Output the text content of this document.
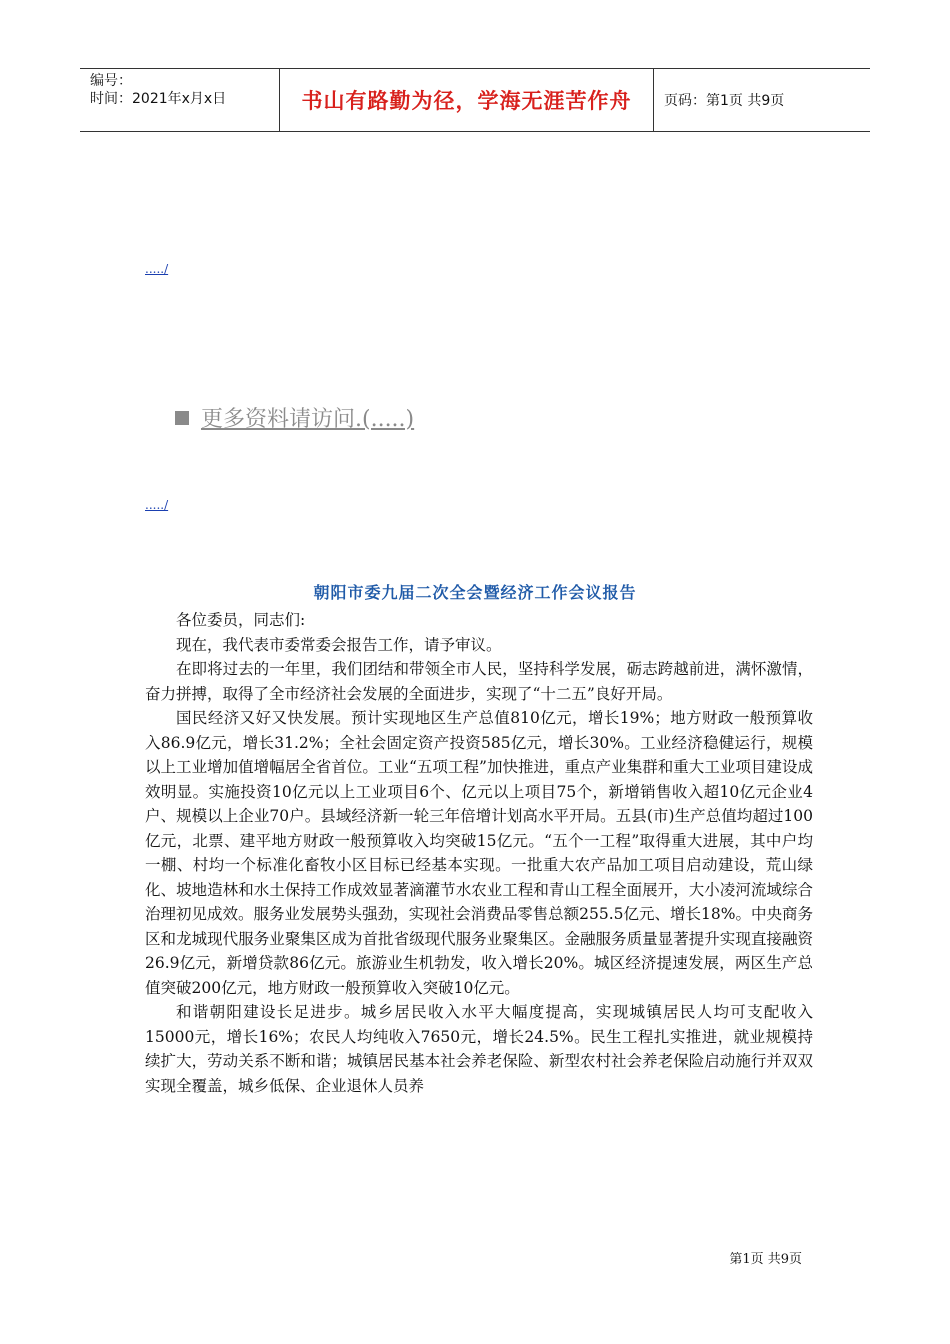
编号：
时间：2021年x月x日	书山有路勤为径，学海无涯苦作舟	页码：第1页 共9页
...../
更多资料请访问.(.....)
...../
朝阳市委九届二次全会暨经济工作会议报告

各位委员，同志们:

现在，我代表市委常委会报告工作，请予审议。

在即将过去的一年里，我们团结和带领全市人民，坚持科学发展，砺志跨越前进，满怀激情，奋力拼搏，取得了全市经济社会发展的全面进步，实现了“十二五”良好开局。

国民经济又好又快发展。预计实现地区生产总值810亿元，增长19%；地方财政一般预算收入86.9亿元，增长31.2%；全社会固定资产投资585亿元，增长30%。工业经济稳健运行，规模以上工业增加值增幅居全省首位。工业“五项工程”加快推进，重点产业集群和重大工业项目建设成效明显。实施投资10亿元以上工业项目6个、亿元以上项目75个，新增销售收入超10亿元企业4户、规模以上企业70户。县域经济新一轮三年倍增计划高水平开局。五县(市)生产总值均超过100亿元，北票、建平地方财政一般预算收入均突破15亿元。“五个一工程”取得重大进展，其中户均一棚、村均一个标准化畜牧小区目标已经基本实现。一批重大农产品加工项目启动建设，荒山绿化、坡地造林和水土保持工作成效显著滴灌节水农业工程和青山工程全面展开，大小凌河流域综合治理初见成效。服务业发展势头强劲，实现社会消费品零售总额255.5亿元、增长18%。中央商务区和龙城现代服务业聚集区成为首批省级现代服务业聚集区。金融服务质量显著提升实现直接融资26.9亿元，新增贷款86亿元。旅游业生机勃发，收入增长20%。城区经济提速发展，两区生产总值突破200亿元，地方财政一般预算收入突破10亿元。

和谐朝阳建设长足进步。城乡居民收入水平大幅度提高，实现城镇居民人均可支配收入15000元，增长16%；农民人均纯收入7650元，增长24.5%。民生工程扎实推进，就业规模持续扩大，劳动关系不断和谐；城镇居民基本社会养老保险、新型农村社会养老保险启动施行并双双实现全覆盖，城乡低保、企业退休人员养

第1页 共9页
